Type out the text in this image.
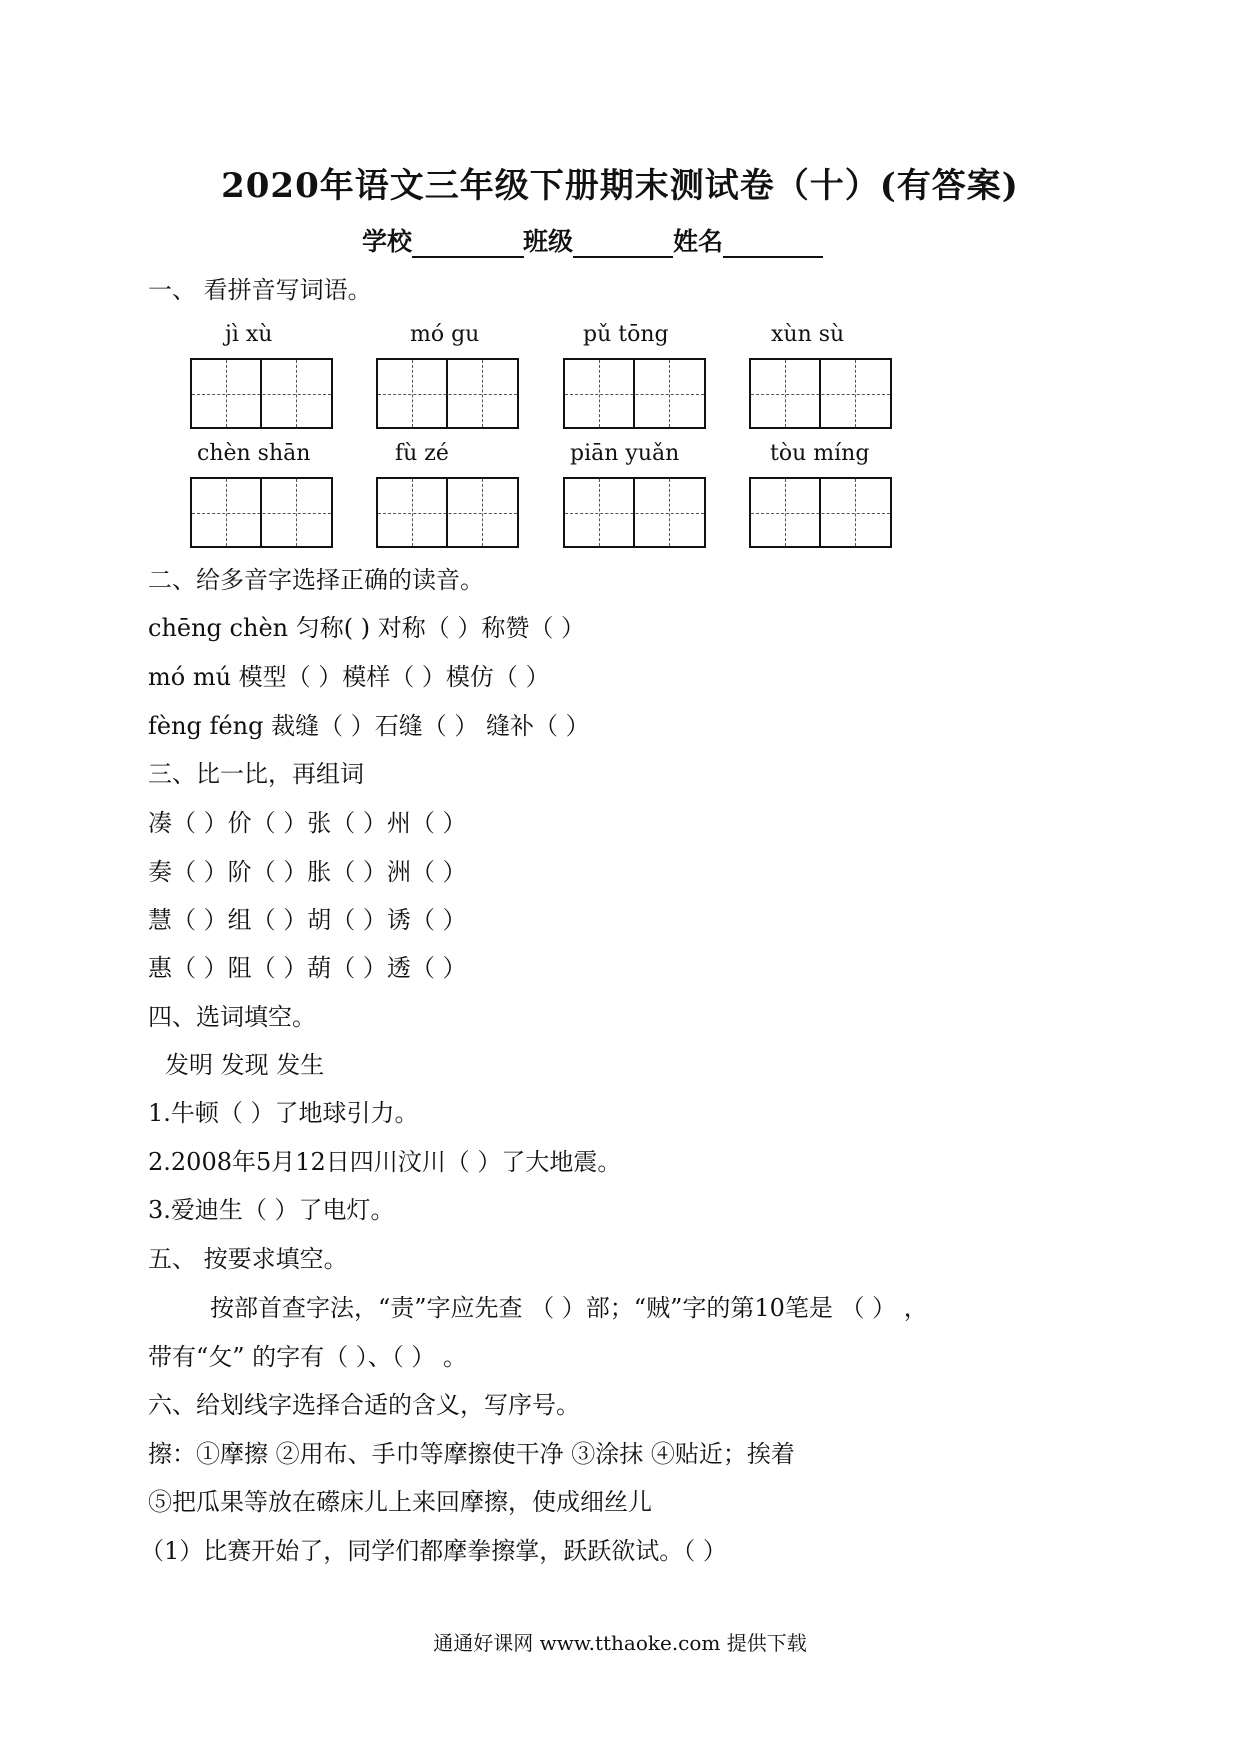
2020年语文三年级下册期末测试卷（十）(有答案)
学校	班级	姓名
一、 看拼音写词语。
jì xù	mó gu	pǔ tōng	xùn sù
chèn shān	fù zé	piān yuǎn	tòu míng
二、给多音字选择正确的读音。
chēng chèn 匀称( ) 对称（ ）称赞（ ）
mó mú 模型（ ）模样（ ）模仿（ ）
fèng féng 裁缝（ ）石缝（ ） 缝补（ ）
三、比一比，再组词
凑（ ）价（ ）张（ ）州（ ）
奏（ ）阶（ ）胀（ ）洲（ ）
慧（ ）组（ ）胡（ ）诱（ ）
惠（ ）阻（ ）葫（ ）透（ ）
四、选词填空。
发明 发现 发生
1.牛顿（ ）了地球引力。
2.2008年5月12日四川汶川（ ）了大地震。
3.爱迪生（ ）了电灯。
五、 按要求填空。
按部首查字法，“责”字应先查 （ ）部；“贼”字的第10笔是 （ ） ，
带有“攵” 的字有（ ）、（ ） 。
六、给划线字选择合适的含义，写序号。
擦：①摩擦 ②用布、手巾等摩擦使干净 ③涂抹 ④贴近；挨着
⑤把瓜果等放在礤床儿上来回摩擦，使成细丝儿
（1）比赛开始了，同学们都摩拳擦掌，跃跃欲试。（ ）
通通好课网 www.tthaoke.com 提供下载
